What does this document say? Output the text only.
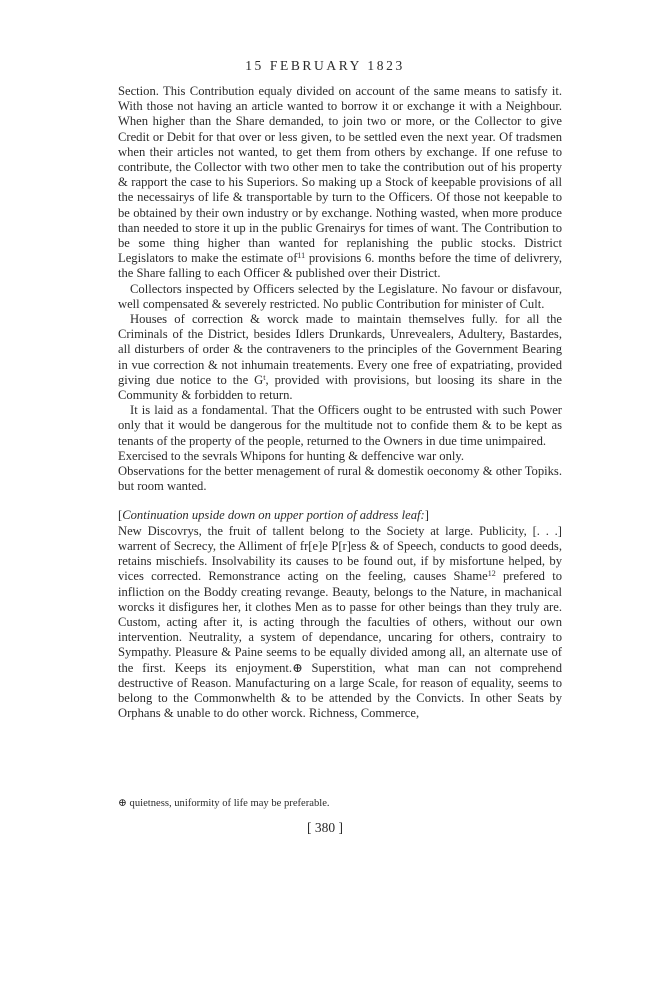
15 FEBRUARY 1823

Section. This Contribution equaly divided on account of the same means to satisfy it. With those not having an article wanted to borrow it or exchange it with a Neighbour. When higher than the Share demanded, to join two or more, or the Collector to give Credit or Debit for that over or less given, to be settled even the next year. Of tradsmen when their articles not wanted, to get them from others by exchange. If one refuse to contribute, the Collector with two other men to take the contribution out of his property & rapport the case to his Superiors. So making up a Stock of keepable provisions of all the necessairys of life & transportable by turn to the Officers. Of those not keepable to be obtained by their own industry or by exchange. Nothing wasted, when more produce than needed to store it up in the public Grenairys for times of want. The Contribution to be some thing higher than wanted for replanishing the public stocks. District Legislators to make the estimate $of^{11}$ provisions 6. months before the time of delivrery, the Share falling to each Officer & published over their District.

Collectors inspected by Officers selected by the Legislature. No favour or disfavour, well compensated & severely restricted. No public Contribution for minister of Cult.

Houses of correction & worck made to maintain themselves fully. for all the Criminals of the District, besides Idlers Drunkards, Unrevealers, Adultery, Bastardes, all disturbers of order & the contraveners to the principles of the Government Bearing in vue correction & not inhumain treatements. Every one free of expatriating, provided giving due notice to the $G^t$, provided with provisions, but loosing its share in the Community & forbidden to return.

It is laid as a fondamental. That the Officers ought to be entrusted with such Power only that it would be dangerous for the multitude not to confide them & to be kept as tenants of the property of the people, returned to the Owners in due time unimpaired.

Exercised to the sevrals Whipons for hunting & deffencive war only.

Observations for the better menagement of rural & domestik oeconomy & other Topiks. but room wanted.

[Continuation upside down on upper portion of address leaf:]

New Discovrys, the fruit of tallent belong to the Society at large. Publicity, [. . .] warrent of Secrecy, the Alliment of fr[e]e P[r]ess & of Speech, conducts to good deeds, retains mischiefs. Insolvability its causes to be found out, if by misfortune helped, by vices corrected. Remonstrance acting on the feeling, causes Shame$^{12}$ prefered to infliction on the Boddy creating revange. Beauty, belongs to the Nature, in machanical worcks it disfigures her, it clothes Men as to passe for other beings than they truly are. Custom, acting after it, is acting through the faculties of others, without our own intervention. Neutrality, a system of dependance, uncaring for others, contrairy to Sympathy. Pleasure & Paine seems to be equally divided among all, an alternate use of the first. Keeps its enjoyment.⊕ Superstition, what man can not comprehend destructive of Reason. Manufacturing on a large Scale, for reason of equality, seems to belong to the Commonwhelth & to be attended by the Convicts. In other Seats by Orphans & unable to do other worck. Richness, Commerce,

⊕ quietness, uniformity of life may be preferable.
[ 380 ]
